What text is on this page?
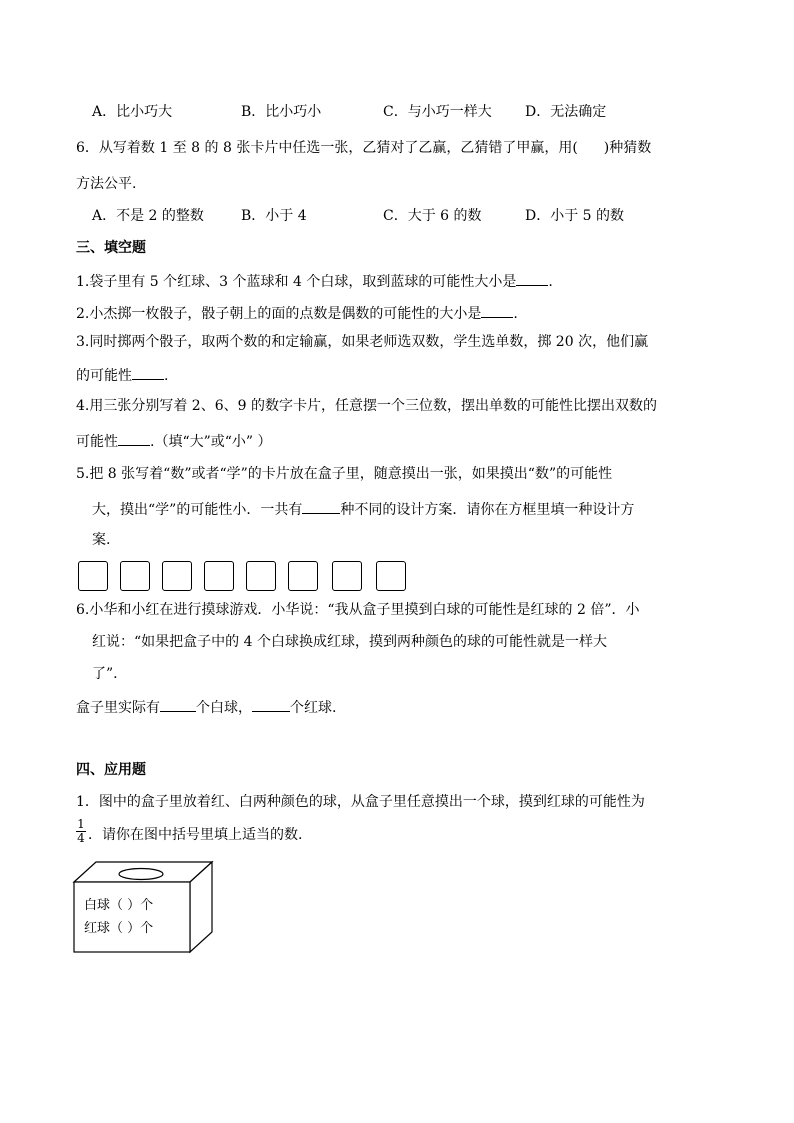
A．比小巧大	B．比小巧小	C．与小巧一样大 D．无法确定
6．从写着数 1 至 8 的 8 张卡片中任选一张，乙猜对了乙赢，乙猜错了甲赢，用( )种猜数
方法公平.
A．不是 2 的整数	B．小于 4	C．大于 6 的数	D．小于 5 的数
三、填空题
1.袋子里有 5 个红球、3 个蓝球和 4 个白球，取到蓝球的可能性大小是 .
2.小杰掷一枚骰子，骰子朝上的面的点数是偶数的可能性的大小是 .
3.同时掷两个骰子，取两个数的和定输赢，如果老师选双数，学生选单数，掷 20 次，他们赢
的可能性 .
4.用三张分别写着 2、6、9 的数字卡片，任意摆一个三位数，摆出单数的可能性比摆出双数的
可能性 .（填“大”或“小” ）
5.把 8 张写着“数”或者“学”的卡片放在盒子里，随意摸出一张，如果摸出“数”的可能性
大，摸出“学”的可能性小．一共有	种不同的设计方案．请你在方框里填一种设计方
案.
6.小华和小红在进行摸球游戏．小华说：“我从盒子里摸到白球的可能性是红球的 2 倍”．小
红说：“如果把盒子中的 4 个白球换成红球，摸到两种颜色的球的可能性就是一样大
了”.
盒子里实际有	个白球，	个红球.
四、应用题
1．图中的盒子里放着红、白两种颜色的球，从盒子里任意摸出一个球，摸到红球的可能性为
$\frac{1}{4}$ ．请你在图中括号里填上适当的数.
白球（ ）个
红球（ ）个
